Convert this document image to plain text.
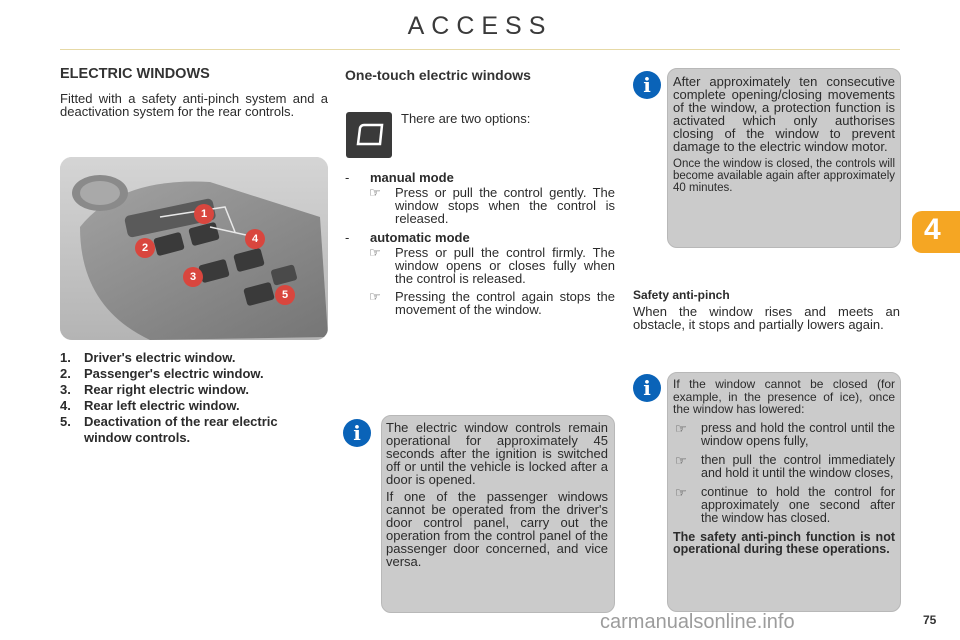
ACCESS
4
ELECTRIC WINDOWS
Fitted with a safety anti-pinch system and a deactivation system for the rear controls.
1
2
3
4
5
1. Driver's electric window.
2. Passenger's electric window.
3. Rear right electric window.
4. Rear left electric window.
5.	Deactivation of the rear electric window controls.
One-touch electric windows
There are two options:
- manual mode
☞ Press or pull the control gently. The window stops when the control is released.
- automatic mode
☞ Press or pull the control firmly. The window opens or closes fully when the control is released.
☞ Pressing the control again stops the movement of the window.
i	The electric window controls remain operational for approximately 45 seconds after the ignition is switched off or until the vehicle is locked after a door is opened.
If one of the passenger windows cannot be operated from the driver's door control panel, carry out the operation from the control panel of the passenger door concerned, and vice versa.
i	After approximately ten consecutive complete opening/closing movements of the window, a protection function is activated which only authorises closing of the window to prevent damage to the electric window motor.
Once the window is closed, the controls will become available again after approximately 40 minutes.
Safety anti-pinch
When the window rises and meets an obstacle, it stops and partially lowers again.
i	If the window cannot be closed (for example, in the presence of ice), once the window has lowered:
☞ press and hold the control until the window opens fully,
☞ then pull the control immediately and hold it until the window closes,
☞ continue to hold the control for approximately one second after the window has closed.
The safety anti-pinch function is not operational during these operations.
carmanualsonline.info	75
